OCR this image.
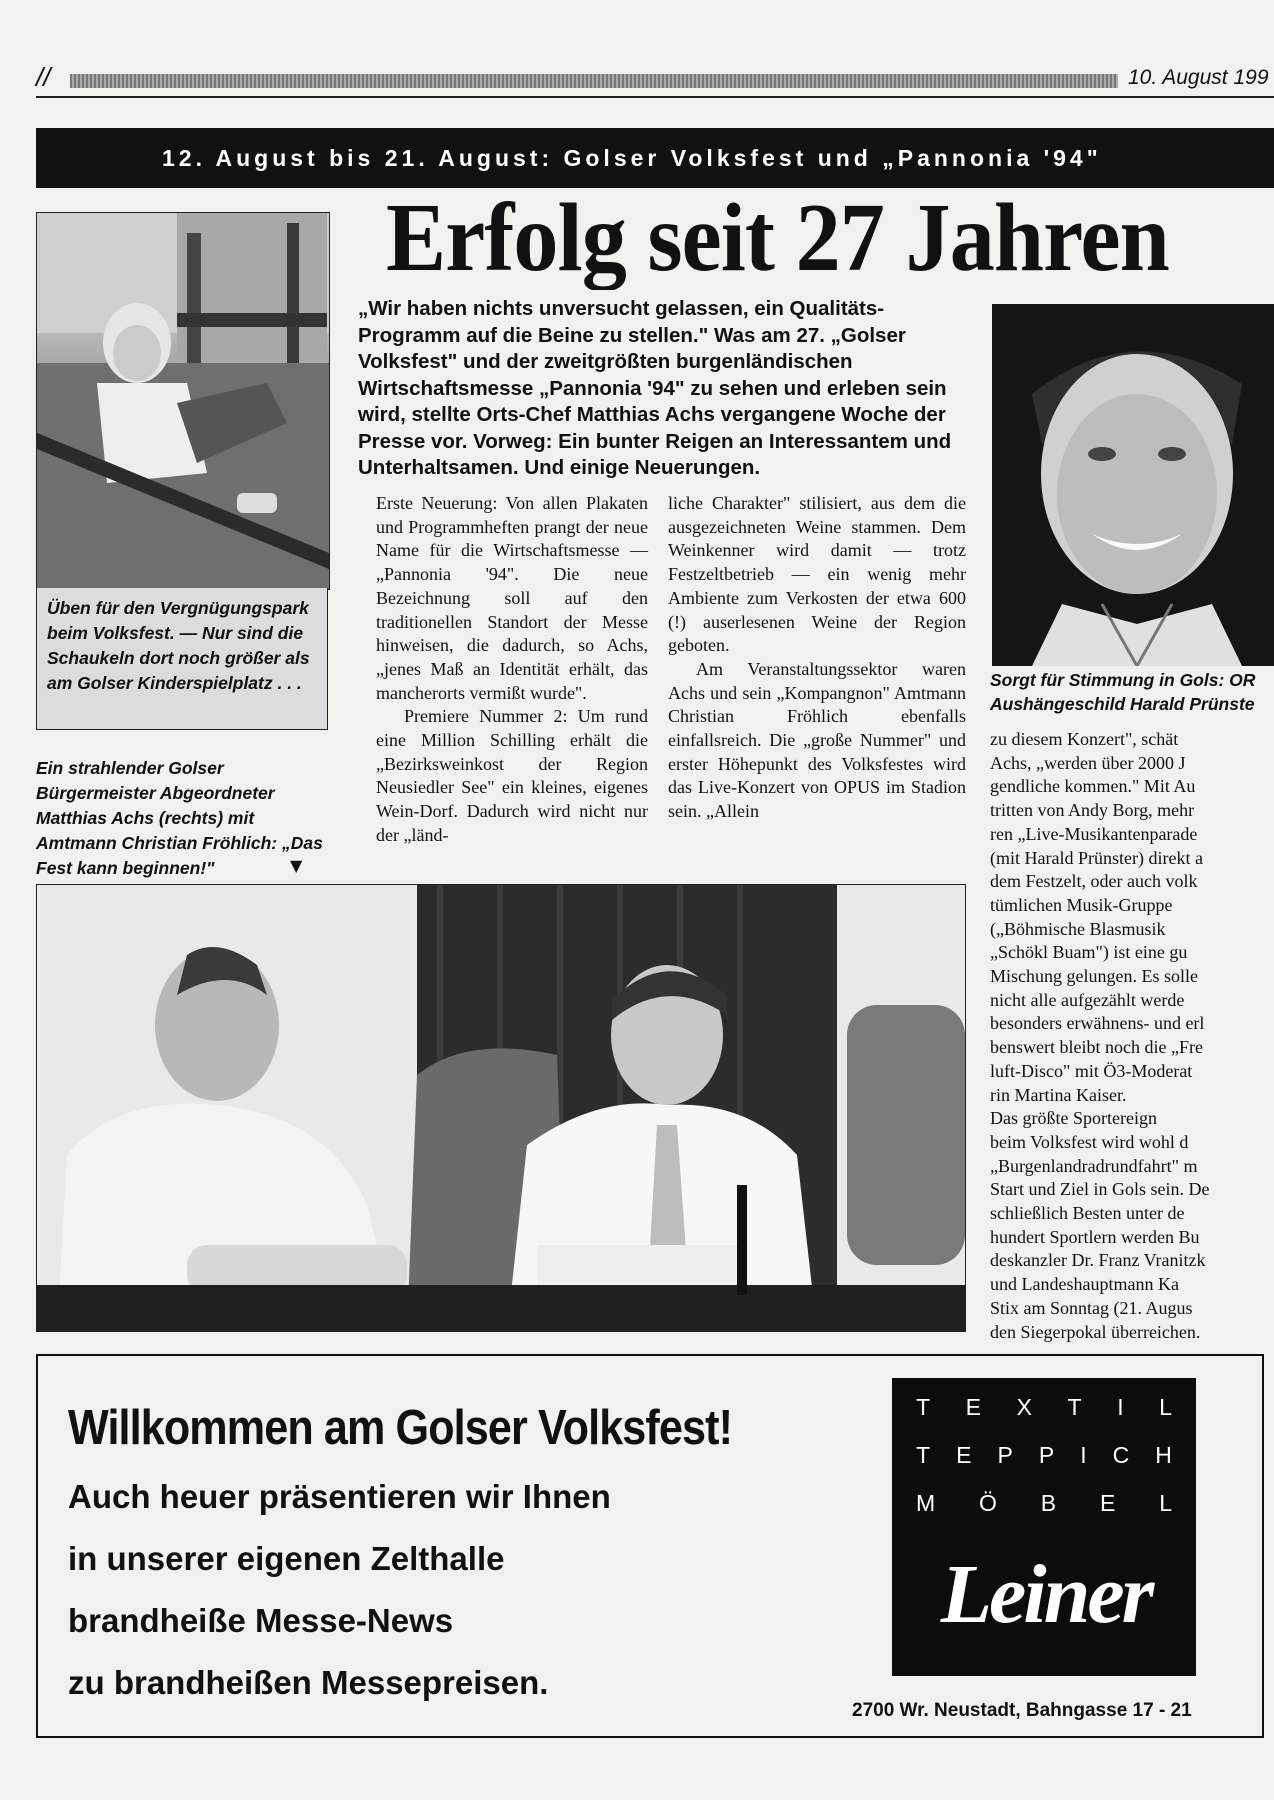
//	10. August 199
12. August bis 21. August: Golser Volksfest und „Pannonia '94"
Erfolg seit 27 Jahren
Üben für den Vergnügungspark beim Volksfest. — Nur sind die Schaukeln dort noch größer als am Golser Kinderspielplatz . . .
Ein strahlender Golser Bürgermeister Abgeordneter Matthias Achs (rechts) mit Amtmann Christian Fröhlich: „Das Fest kann beginnen!"	▼
„Wir haben nichts unversucht gelassen, ein Qualitäts-Programm auf die Beine zu stellen." Was am 27. „Golser Volksfest" und der zweitgrößten burgenländischen Wirtschaftsmesse „Pannonia '94" zu sehen und erleben sein wird, stellte Orts-Chef Matthias Achs vergangene Woche der Presse vor. Vorweg: Ein bunter Reigen an Interessantem und Unterhaltsamen. Und einige Neuerungen.

Erste Neuerung: Von allen Plakaten und Programmheften prangt der neue Name für die Wirtschaftsmesse — „Pannonia '94". Die neue Bezeichnung soll auf den traditionellen Standort der Messe hinweisen, die dadurch, so Achs, „jenes Maß an Identität erhält, das mancherorts vermißt wurde".

Premiere Nummer 2: Um rund eine Million Schilling erhält die „Bezirksweinkost der Region Neusiedler See" ein kleines, eigenes Wein-Dorf. Dadurch wird nicht nur der „länd-

liche Charakter" stilisiert, aus dem die ausgezeichneten Weine stammen. Dem Weinkenner wird damit — trotz Festzeltbetrieb — ein wenig mehr Ambiente zum Verkosten der etwa 600 (!) auserlesenen Weine der Region geboten.

Am Veranstaltungssektor waren Achs und sein „Kompangnon" Amtmann Christian Fröhlich ebenfalls einfallsreich. Die „große Nummer" und erster Höhepunkt des Volksfestes wird das Live-Konzert von OPUS im Stadion sein. „Allein

Sorgt für Stimmung in Gols: OR
Aushängeschild Harald Prünste
zu diesem Konzert", schät
Achs, „werden über 2000 J
gendliche kommen." Mit Au
tritten von Andy Borg, mehr
ren „Live-Musikantenparade
(mit Harald Prünster) direkt a
dem Festzelt, oder auch volk
tümlichen Musik-Gruppe
(„Böhmische Blasmusik
„Schökl Buam") ist eine gu
Mischung gelungen. Es solle
nicht alle aufgezählt werde
besonders erwähnens- und erl
benswert bleibt noch die „Fre
luft-Disco" mit Ö3-Moderat
rin Martina Kaiser.
Das größte Sportereign
beim Volksfest wird wohl d
„Burgenlandradrundfahrt" m
Start und Ziel in Gols sein. De
schließlich Besten unter de
hundert Sportlern werden Bu
deskanzler Dr. Franz Vranitzk
und Landeshauptmann Ka
Stix am Sonntag (21. Augus
den Siegerpokal überreichen.
Willkommen am Golser Volksfest!
Auch heuer präsentieren wir Ihnen
in unserer eigenen Zelthalle
brandheiße Messe-News
zu brandheißen Messepreisen.
T E X T I L
T E P P I C H
M Ö B E L
Leiner
2700 Wr. Neustadt, Bahngasse 17 - 21
